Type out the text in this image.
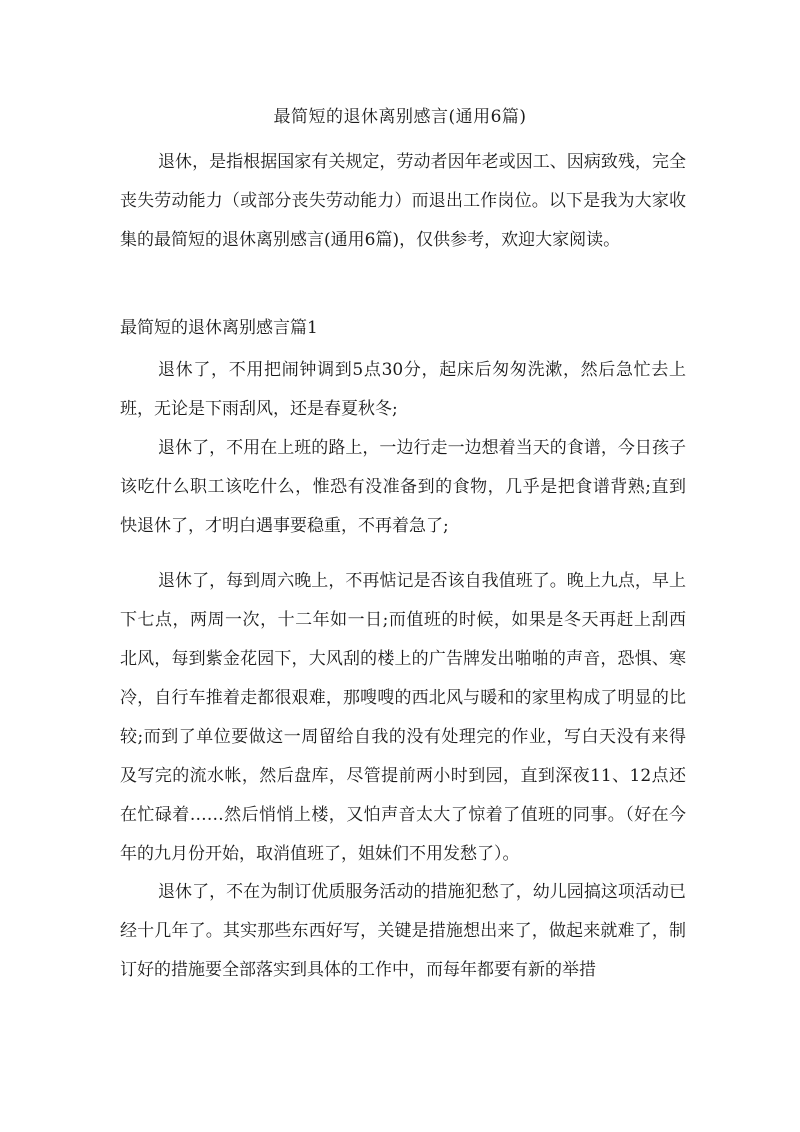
最简短的退休离别感言(通用6篇)

退休，是指根据国家有关规定，劳动者因年老或因工、因病致残，完全丧失劳动能力（或部分丧失劳动能力）而退出工作岗位。以下是我为大家收集的最简短的退休离别感言(通用6篇)，仅供参考，欢迎大家阅读。

最简短的退休离别感言篇1

退休了，不用把闹钟调到5点30分，起床后匆匆洗漱，然后急忙去上班，无论是下雨刮风，还是春夏秋冬;

退休了，不用在上班的路上，一边行走一边想着当天的食谱，今日孩子该吃什么职工该吃什么，惟恐有没准备到的食物，几乎是把食谱背熟;直到快退休了，才明白遇事要稳重，不再着急了;

退休了，每到周六晚上，不再惦记是否该自我值班了。晚上九点，早上下七点，两周一次，十二年如一日;而值班的时候，如果是冬天再赶上刮西北风，每到紫金花园下，大风刮的楼上的广告牌发出啪啪的声音，恐惧、寒冷，自行车推着走都很艰难，那嗖嗖的西北风与暖和的家里构成了明显的比较;而到了单位要做这一周留给自我的没有处理完的作业，写白天没有来得及写完的流水帐，然后盘库，尽管提前两小时到园，直到深夜11、12点还在忙碌着……然后悄悄上楼，又怕声音太大了惊着了值班的同事。（好在今年的九月份开始，取消值班了，姐妹们不用发愁了）。

退休了，不在为制订优质服务活动的措施犯愁了，幼儿园搞这项活动已经十几年了。其实那些东西好写，关键是措施想出来了，做起来就难了，制订好的措施要全部落实到具体的工作中，而每年都要有新的举措
